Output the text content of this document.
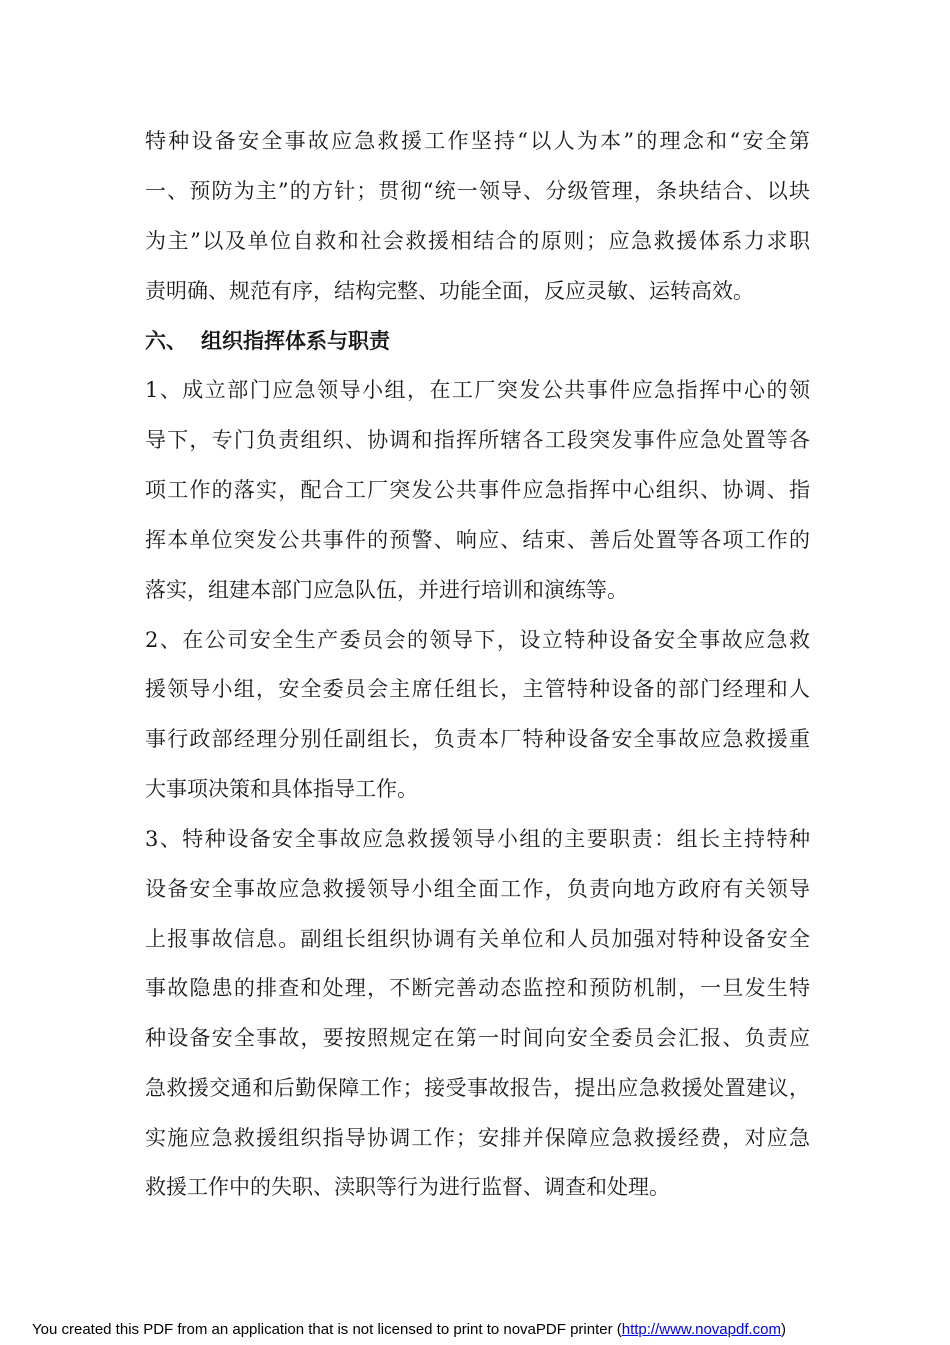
特种设备安全事故应急救援工作坚持“以人为本”的理念和“安全第
一、预防为主”的方针；贯彻“统一领导、分级管理，条块结合、以块
为主”以及单位自救和社会救援相结合的原则；应急救援体系力求职
责明确、规范有序，结构完整、功能全面，反应灵敏、运转高效。
六、 组织指挥体系与职责
1、成立部门应急领导小组，在工厂突发公共事件应急指挥中心的领
导下，专门负责组织、协调和指挥所辖各工段突发事件应急处置等各
项工作的落实，配合工厂突发公共事件应急指挥中心组织、协调、指
挥本单位突发公共事件的预警、响应、结束、善后处置等各项工作的
落实，组建本部门应急队伍，并进行培训和演练等。
2、在公司安全生产委员会的领导下，设立特种设备安全事故应急救
援领导小组，安全委员会主席任组长，主管特种设备的部门经理和人
事行政部经理分别任副组长，负责本厂特种设备安全事故应急救援重
大事项决策和具体指导工作。
3、特种设备安全事故应急救援领导小组的主要职责：组长主持特种
设备安全事故应急救援领导小组全面工作，负责向地方政府有关领导
上报事故信息。副组长组织协调有关单位和人员加强对特种设备安全
事故隐患的排查和处理，不断完善动态监控和预防机制，一旦发生特
种设备安全事故，要按照规定在第一时间向安全委员会汇报、负责应
急救援交通和后勤保障工作；接受事故报告，提出应急救援处置建议，
实施应急救援组织指导协调工作；安排并保障应急救援经费，对应急
救援工作中的失职、渎职等行为进行监督、调查和处理。
You created this PDF from an application that is not licensed to print to novaPDF printer (http://www.novapdf.com)
